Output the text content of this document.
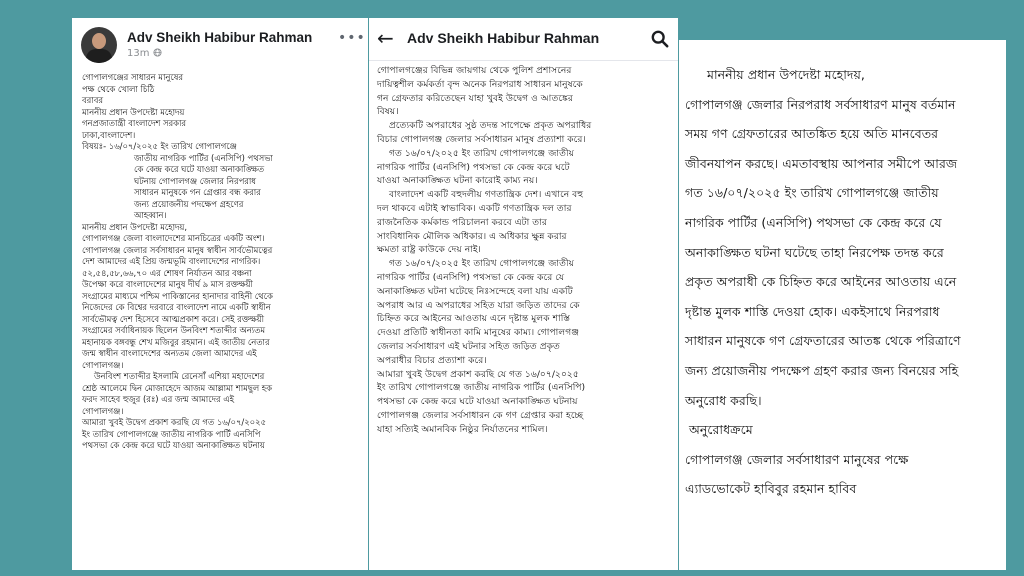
Adv Sheikh Habibur Rahman
13m
•••

গোপালগঞ্জের সাধারন মানুষের

পক্ষ থেকে খোলা চিঠি

বরাবর

মাননীয় প্রধান উপদেষ্টা মহোদয়

গনপ্রজাতান্ত্রী বাংলাদেশ সরকার

ঢাকা,বাংলাদেশ।

বিষয়ঃ- ১৬/০৭/২০২৫ ইং তারিখ গোপালগঞ্জে

জাতীয় নাগরিক পার্টির (এনসিপি) পথসভা

কে কেন্দ্র করে ঘটে যাওয়া অনাকাঙ্ক্ষিত

ঘটনায় গোপালগঞ্জ জেলার নিরপরাধ

সাধারন মানুষকে গন গ্রেপ্তার বন্ধ করার

জন্য প্রয়োজনীয় পদক্ষেপ গ্রহণের

আহব্বান।

মাননীয় প্রধান উপদেষ্টা মহোদয়,

গোপালগঞ্জ জেলা বাংলাদেশের মানচিত্রের একটি অংশ।

গোপালগঞ্জ জেলার সর্বসাধারন মানুষ স্বাধীন সার্বভৌমত্বের

দেশ আমাদের এই প্রিয় জন্মভূমি বাংলাদেশের নাগরিক।

৫২,৫৪,৫৮,৬৬,৭০ এর শোষণ নির্যাতন আর বঞ্চনা

উপেক্ষা করে বাংলাদেশের মানুষ দীর্ঘ ৯ মাস রক্তক্ষয়ী

সংগ্রামের মাধ্যমে পশ্চিম পাকিস্তানের হানাদার বাহিনী থেকে

নিজেদের কে বিশ্বের দরবারে বাংলাদেশ নামে একটি স্বাধীন

সার্বভৌমত্ব দেশ হিসেবে আত্মপ্রকাশ করে। সেই রক্তক্ষয়ী

সংগ্রামের সর্বাধিনায়ক ছিলেন উনবিংশ শতাব্দীর অন্যতম

মহানায়ক বঙ্গবন্ধু শেখ মজিবুর রহমান। এই জাতীয় নেতার

জন্ম স্বাধীন বাংলাদেশের অন্যতম জেলা আমাদের এই

গোপালগঞ্জ।

উনবিংশ শতাব্দীর ইসলামি রেনেসাঁ এশিয়া মহাদেশের

শ্রেষ্ঠ আলেমে দ্বিন মোজাহেদে আজম আল্লামা শামছুল হক

ফরদ সাহেব হুজুর (রঃ) এর জন্ম আমাদের এই

গোপালগঞ্জ।

আমারা খুবই উদ্বেগ প্রকাশ করছি যে গত ১৬/০৭/২০২৫

ইং তারিখ গোপালগঞ্জে জাতীয় নাগরিক পার্টি এনসিপি

পথসভা কে কেন্দ্র করে ঘটে যাওয়া অনাকাঙ্ক্ষিত ঘটনায়

← Adv Sheikh Habibur Rahman

গোপালগঞ্জের বিভিন্ন জায়গায় থেকে পুলিশ প্রশাসনের

দায়িত্বশীল কর্মকর্তা বৃন্দ অনেক নিরপরাধ সাধারন মানুষকে

গন গ্রেফতার করিতেছেন যাহা খুবই উদ্বেগ ও আতঙ্কের

বিষয়।

প্রত্যেকটি অপরাধের সুষ্ঠ তদন্ত সাপেক্ষে প্রকৃত অপরাধির

বিচার গোপালগঞ্জ জেলার সর্বসাধারন মানুষ প্রত্যাশা করে।

গত ১৬/০৭/২০২৫ ইং তারিখ গোপালগঞ্জে জাতীয়

নাগরিক পার্টির (এনসিপি) পথসভা কে কেন্দ্র করে ঘটে

যাওয়া অনাকাঙ্ক্ষিত ঘটনা কারোই কাম্য নয়।

বাংলাদেশ একটি বহুদলীয় গণতান্ত্রিক দেশ। এখানে বহু

দল থাকবে এটাই স্বাভাবিক। একটি গণতান্ত্রিক দল তার

রাজনৈতিক কর্মকান্ড পরিচালনা করবে এটা তার

সাংবিধানিক মৌলিক অধিকার। এ অধিকার ক্ষুন্ন করার

ক্ষমতা রাষ্ট্র কাউকে দেয় নাই।

গত ১৬/০৭/২০২৫ ইং তারিখ গোপালগঞ্জে জাতীয়

নাগরিক পার্টির (এনসিপি) পথসভা কে কেন্দ্র করে যে

অনাকাঙ্ক্ষিত ঘটনা ঘটেছে নিঃসন্দেহে বলা যায় একটি

অপরাধ আর এ অপরাধের সহিত যারা জড়িত তাদের কে

চিহ্নিত করে আইনের আওতায় এনে দৃষ্টান্ত মুলক শাস্তি

দেওয়া প্রতিটি স্বাধীনতা কামি মানুষের কাম্য। গোপালগঞ্জ

জেলার সর্বসাধারণ এই ঘটনার সহিত জড়িত প্রকৃত

অপরাধীর বিচার প্রত্যাশা করে।

আমারা খুবই উদ্বেগ প্রকাশ করছি যে গত ১৬/০৭/২০২৫

ইং তারিখ গোপালগঞ্জে জাতীয় নাগরিক পার্টির (এনসিপি)

পথসভা কে কেন্দ্র করে ঘটে যাওয়া অনাকাঙ্ক্ষিত ঘটনায়

গোপালগঞ্জ জেলার সর্বসাধারন কে গণ গ্রেপ্তার করা হচ্ছে

যাহা সত্যিই অমানবিক নিষ্ঠুর নির্যাতনের শামিল।

মাননীয় প্রধান উপদেষ্টা মহোদয়,

গোপালগঞ্জ জেলার নিরপরাধ সর্বসাধারণ মানুষ বর্তমান

সময় গণ গ্রেফতারের আতঙ্কিত হয়ে অতি মানবেতর

জীবনযাপন করছে। এমতাবস্থায় আপনার সমীপে আরজ

গত ১৬/০৭/২০২৫ ইং তারিখ গোপালগঞ্জে জাতীয়

নাগরিক পার্টির (এনসিপি) পথসভা কে কেন্দ্র করে যে

অনাকাঙ্ক্ষিত ঘটনা ঘটেছে তাহা নিরপেক্ষ তদন্ত করে

প্রকৃত অপরাধী কে চিহ্নিত করে আইনের আওতায় এনে

দৃষ্টান্ত মুলক শাস্তি দেওয়া হোক। একইসাথে নিরপরাধ

সাধারন মানুষকে গণ গ্রেফতারের আতঙ্ক থেকে পরিত্রাণে

জন্য প্রয়োজনীয় পদক্ষেপ গ্রহণ করার জন্য বিনয়ের সহি

অনুরোধ করছি।

অনুরোধক্রমে

গোপালগঞ্জ জেলার সর্বসাধারণ মানুষের পক্ষে

এ্যাডভোকেট হাবিবুর রহমান হাবিব
